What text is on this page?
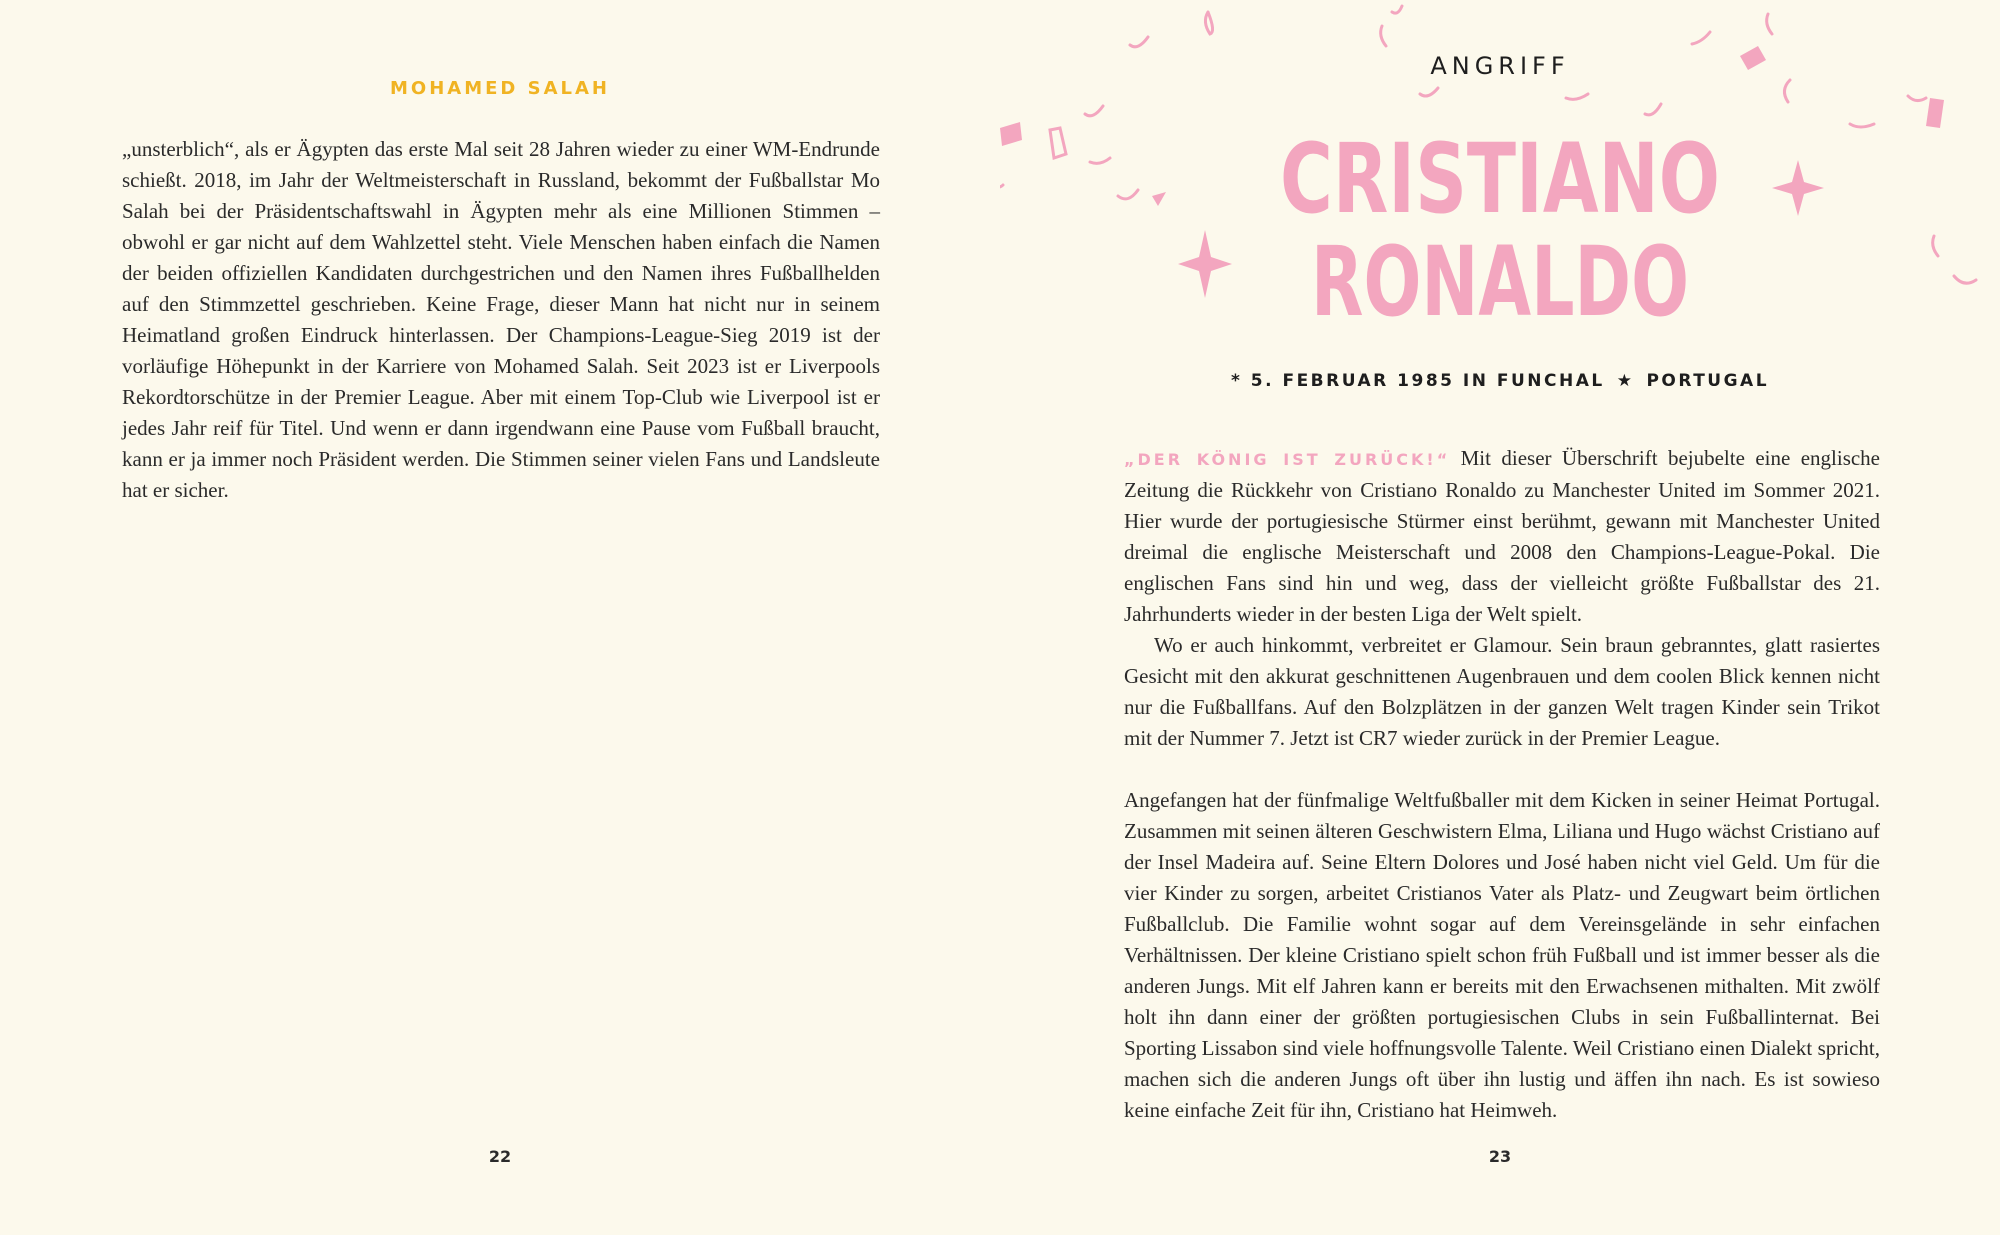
MOHAMED SALAH

„unsterblich“, als er Ägypten das erste Mal seit 28 Jahren wieder zu einer WM-Endrunde schießt. 2018, im Jahr der Weltmeisterschaft in Russland, bekommt der Fußballstar Mo Salah bei der Präsidentschaftswahl in Ägypten mehr als eine Millionen Stimmen – obwohl er gar nicht auf dem Wahlzettel steht. Viele Menschen haben einfach die Namen der beiden offiziellen Kandidaten durchgestrichen und den Namen ihres Fußballhelden auf den Stimmzettel geschrieben. Keine Frage, dieser Mann hat nicht nur in seinem Heimatland großen Eindruck hinterlassen. Der Champions-League-Sieg 2019 ist der vorläufige Höhepunkt in der Karriere von Mohamed Salah. Seit 2023 ist er Liverpools Rekordtorschütze in der Premier League. Aber mit einem Top-Club wie Liverpool ist er jedes Jahr reif für Titel. Und wenn er dann irgendwann eine Pause vom Fußball braucht, kann er ja immer noch Präsident werden. Die Stimmen seiner vielen Fans und Landsleute hat er sicher.

22
ANGRIFF
CRISTIANO
RONALDO
* 5. FEBRUAR 1985 IN FUNCHAL ★ PORTUGAL

„DER KÖNIG IST ZURÜCK!“ Mit dieser Überschrift bejubelte eine englische Zeitung die Rückkehr von Cristiano Ronaldo zu Manchester United im Sommer 2021. Hier wurde der portugiesische Stürmer einst berühmt, gewann mit Manchester United dreimal die englische Meisterschaft und 2008 den Champions-League-Pokal. Die englischen Fans sind hin und weg, dass der vielleicht größte Fußballstar des 21. Jahrhunderts wieder in der besten Liga der Welt spielt.

Wo er auch hinkommt, verbreitet er Glamour. Sein braun gebranntes, glatt rasiertes Gesicht mit den akkurat geschnittenen Augenbrauen und dem coolen Blick kennen nicht nur die Fußballfans. Auf den Bolzplätzen in der ganzen Welt tragen Kinder sein Trikot mit der Nummer 7. Jetzt ist CR7 wieder zurück in der Premier League.

Angefangen hat der fünfmalige Weltfußballer mit dem Kicken in seiner Heimat Portugal. Zusammen mit seinen älteren Geschwistern Elma, Liliana und Hugo wächst Cristiano auf der Insel Madeira auf. Seine Eltern Dolores und José haben nicht viel Geld. Um für die vier Kinder zu sorgen, arbeitet Cristianos Vater als Platz- und Zeugwart beim örtlichen Fußballclub. Die Familie wohnt sogar auf dem Vereinsgelände in sehr einfachen Verhältnissen. Der kleine Cristiano spielt schon früh Fußball und ist immer besser als die anderen Jungs. Mit elf Jahren kann er bereits mit den Erwachsenen mithalten. Mit zwölf holt ihn dann einer der größten portugiesischen Clubs in sein Fußballinternat. Bei Sporting Lissabon sind viele hoffnungsvolle Talente. Weil Cristiano einen Dialekt spricht, machen sich die anderen Jungs oft über ihn lustig und äffen ihn nach. Es ist sowieso keine einfache Zeit für ihn, Cristiano hat Heimweh.

23
